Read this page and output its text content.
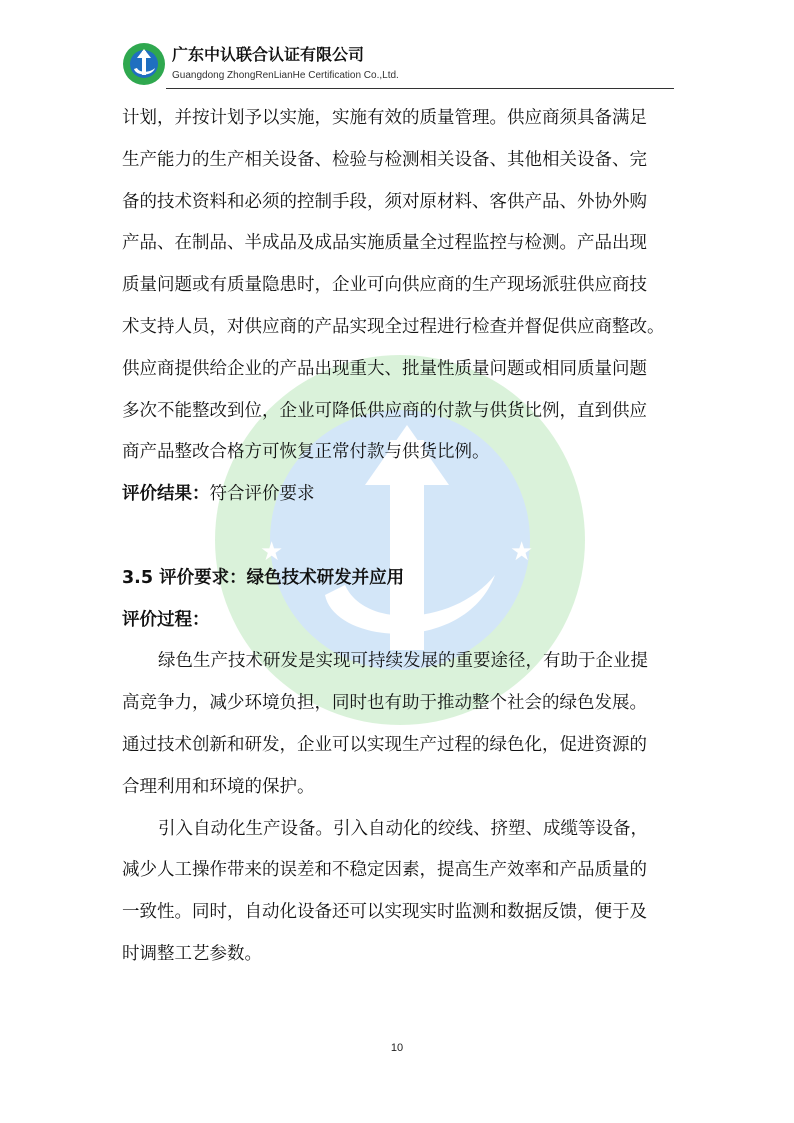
★	★
广东中认联合认证有限公司
Guangdong ZhongRenLianHe Certification Co.,Ltd.
计划，并按计划予以实施，实施有效的质量管理。供应商须具备满足
生产能力的生产相关设备、检验与检测相关设备、其他相关设备、完
备的技术资料和必须的控制手段，须对原材料、客供产品、外协外购
产品、在制品、半成品及成品实施质量全过程监控与检测。产品出现
质量问题或有质量隐患时，企业可向供应商的生产现场派驻供应商技
术支持人员，对供应商的产品实现全过程进行检查并督促供应商整改。
供应商提供给企业的产品出现重大、批量性质量问题或相同质量问题
多次不能整改到位，企业可降低供应商的付款与供货比例，直到供应
商产品整改合格方可恢复正常付款与供货比例。
评价结果：符合评价要求
3.5 评价要求：绿色技术研发并应用
评价过程：
绿色生产技术研发是实现可持续发展的重要途径，有助于企业提
高竞争力，减少环境负担，同时也有助于推动整个社会的绿色发展。
通过技术创新和研发，企业可以实现生产过程的绿色化，促进资源的
合理利用和环境的保护。
引入自动化生产设备。引入自动化的绞线、挤塑、成缆等设备，
减少人工操作带来的误差和不稳定因素，提高生产效率和产品质量的
一致性。同时，自动化设备还可以实现实时监测和数据反馈，便于及
时调整工艺参数。
10
